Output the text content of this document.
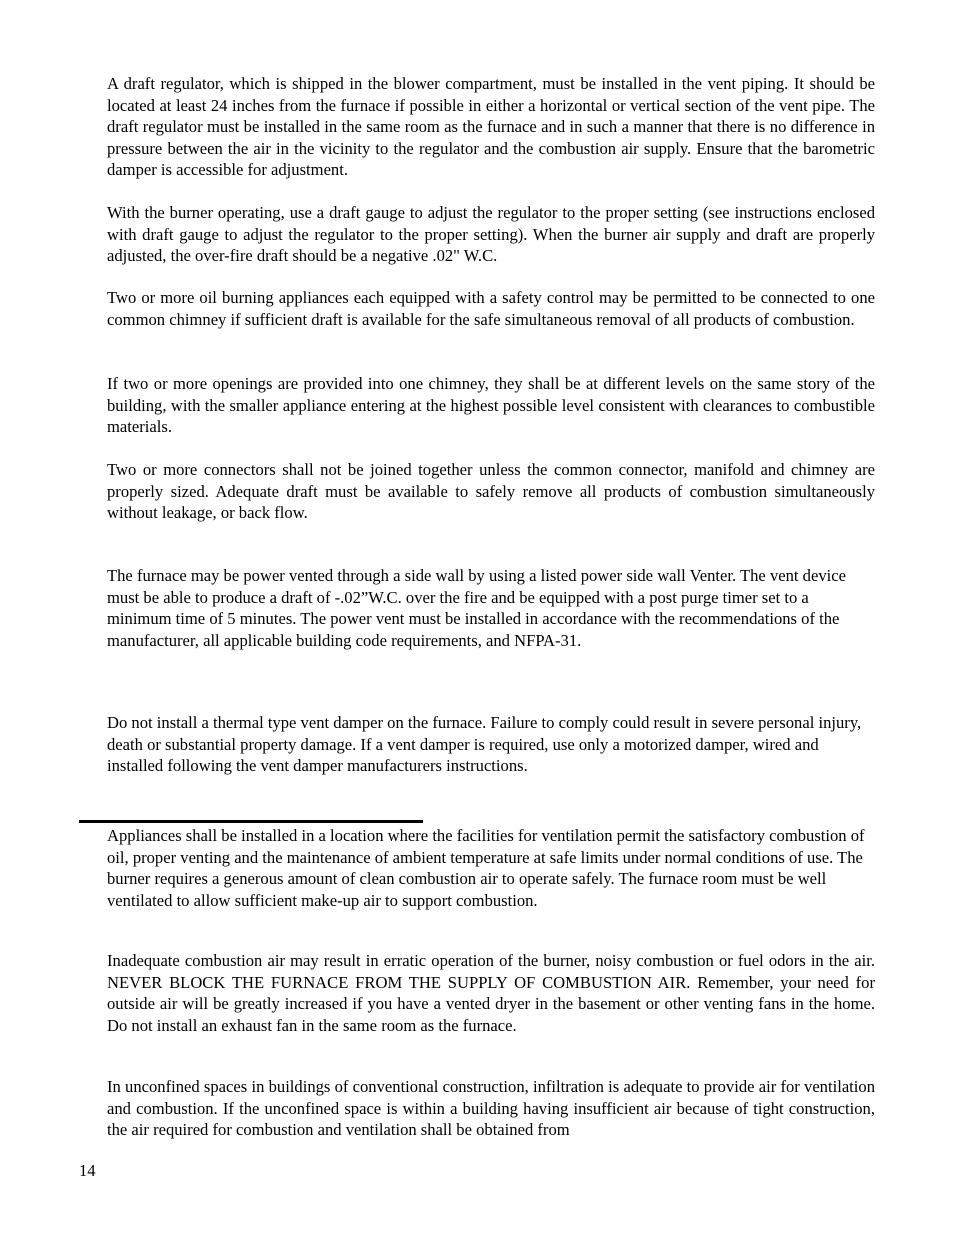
A draft regulator, which is shipped in the blower compartment, must be installed in the vent piping. It should be located at least 24 inches from the furnace if possible in either a horizontal or vertical section of the vent pipe. The draft regulator must be installed in the same room as the furnace and in such a manner that there is no difference in pressure between the air in the vicinity to the regulator and the combustion air supply. Ensure that the barometric damper is accessible for adjustment.

With the burner operating, use a draft gauge to adjust the regulator to the proper setting (see instructions enclosed with draft gauge to adjust the regulator to the proper setting). When the burner air supply and draft are properly adjusted, the over-fire draft should be a negative .02" W.C.

Two or more oil burning appliances each equipped with a safety control may be permitted to be connected to one common chimney if sufficient draft is available for the safe simultaneous removal of all products of combustion.

If two or more openings are provided into one chimney, they shall be at different levels on the same story of the building, with the smaller appliance entering at the highest possible level consistent with clearances to combustible materials.

Two or more connectors shall not be joined together unless the common connector, manifold and chimney are properly sized. Adequate draft must be available to safely remove all products of combustion simultaneously without leakage, or back flow.

The furnace may be power vented through a side wall by using a listed power side wall Venter. The vent device must be able to produce a draft of -.02”W.C. over the fire and be equipped with a post purge timer set to a minimum time of 5 minutes. The power vent must be installed in accordance with the recommendations of the manufacturer, all applicable building code requirements, and NFPA-31.

Do not install a thermal type vent damper on the furnace. Failure to comply could result in severe personal injury, death or substantial property damage. If a vent damper is required, use only a motorized damper, wired and installed following the vent damper manufacturers instructions.

Appliances shall be installed in a location where the facilities for ventilation permit the satisfactory combustion of oil, proper venting and the maintenance of ambient temperature at safe limits under normal conditions of use. The burner requires a generous amount of clean combustion air to operate safely. The furnace room must be well ventilated to allow sufficient make-up air to support combustion.

Inadequate combustion air may result in erratic operation of the burner, noisy combustion or fuel odors in the air. NEVER BLOCK THE FURNACE FROM THE SUPPLY OF COMBUSTION AIR. Remember, your need for outside air will be greatly increased if you have a vented dryer in the basement or other venting fans in the home. Do not install an exhaust fan in the same room as the furnace.

In unconfined spaces in buildings of conventional construction, infiltration is adequate to provide air for ventilation and combustion. If the unconfined space is within a building having insufficient air because of tight construction, the air required for combustion and ventilation shall be obtained from

14
